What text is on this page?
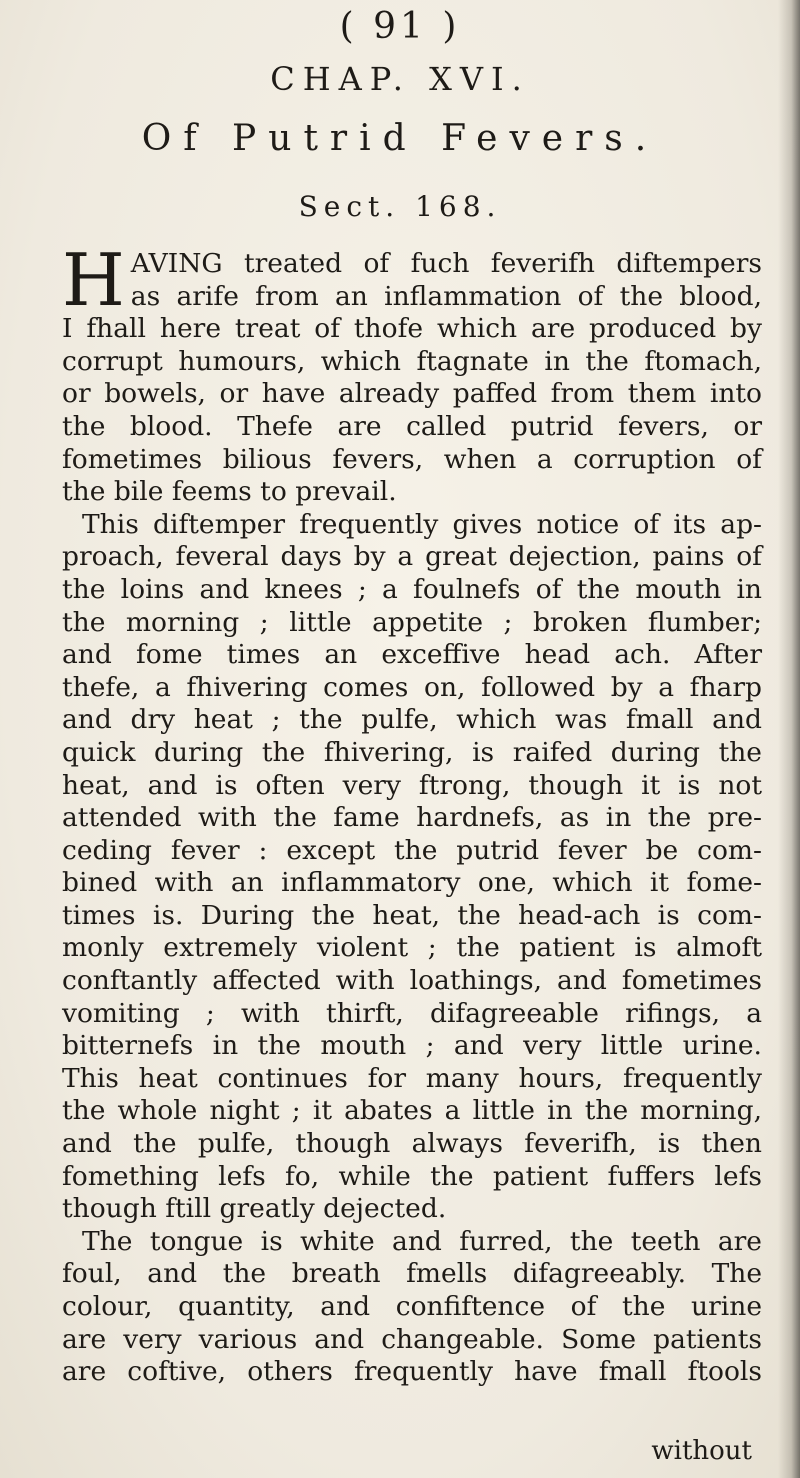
( 91 )
CHAP. XVI.
Of Putrid Fevers.
Sect. 168.
H AVING treated of fuch feverifh diftempers
as arife from an inflammation of the blood,
I fhall here treat of thofe which are produced by
corrupt humours, which ftagnate in the ftomach,
or bowels, or have already paffed from them into
the blood. Thefe are called putrid fevers, or
fometimes bilious fevers, when a corruption of
the bile feems to prevail.
This diftemper frequently gives notice of its ap-
proach, feveral days by a great dejection, pains of
the loins and knees ; a foulnefs of the mouth in
the morning ; little appetite ; broken flumber;
and fome times an exceffive head ach. After
thefe, a fhivering comes on, followed by a fharp
and dry heat ; the pulfe, which was fmall and
quick during the fhivering, is raifed during the
heat, and is often very ftrong, though it is not
attended with the fame hardnefs, as in the pre-
ceding fever : except the putrid fever be com-
bined with an inflammatory one, which it fome-
times is. During the heat, the head-ach is com-
monly extremely violent ; the patient is almoft
conftantly affected with loathings, and fometimes
vomiting ; with thirft, difagreeable rifings, a
bitternefs in the mouth ; and very little urine.
This heat continues for many hours, frequently
the whole night ; it abates a little in the morning,
and the pulfe, though always feverifh, is then
fomething lefs fo, while the patient fuffers lefs
though ftill greatly dejected.
The tongue is white and furred, the teeth are
foul, and the breath fmells difagreeably. The
colour, quantity, and confiftence of the urine
are very various and changeable. Some patients
are coftive, others frequently have fmall ftools
without
